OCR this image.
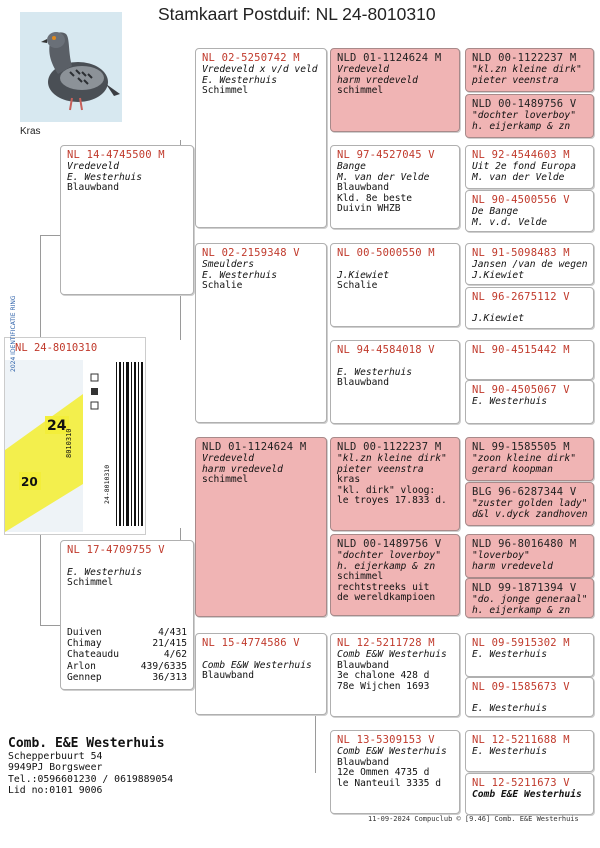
Stamkaart Postduif: NL 24-8010310
Kras
NL 24-8010310
24
20
2024 IDENTIFICATIE RING
8010310
24-8010310
NL 14-4745500 M
Vredeveld
E. Westerhuis
Blauwband
NL 17-4709755 V

E. Westerhuis
Schimmel
Duiven	4/ 431
Chimay	21/ 415
Chateaudu	4/ 62
Arlon	439/ 6335
Gennep	36/ 313
NL 02-5250742 M
Vredeveld x v/d veld
E. Westerhuis
Schimmel
NL 02-2159348 V
Smeulders
E. Westerhuis
Schalie
NLD 01-1124624 M
Vredeveld
harm vredeveld
schimmel
NL 15-4774586 V

Comb E&W Westerhuis
Blauwband
NLD 01-1124624 M
Vredeveld
harm vredeveld
schimmel
NL 97-4527045 V
Bange
M. van der Velde
Blauwband
Kld. 8e beste
Duivin WHZB
NL 00-5000550 M

J.Kiewiet
Schalie
NL 94-4584018 V

E. Westerhuis
Blauwband
NLD 00-1122237 M
"kl.zn kleine dirk"
pieter veenstra
kras
"kl. dirk" vloog:
le troyes 17.833 d.
NLD 00-1489756 V
"dochter loverboy"
h. eijerkamp & zn
schimmel
rechtstreeks uit
de wereldkampioen
NL 12-5211728 M
Comb E&W Westerhuis
Blauwband
3e chalone 428 d
78e Wijchen 1693
NL 13-5309153 V
Comb E&W Westerhuis
Blauwband
12e Ommen 4735 d
le Nanteuil 3335 d
NLD 00-1122237 M
"kl.zn kleine dirk"
pieter veenstra
NLD 00-1489756 V
"dochter loverboy"
h. eijerkamp & zn
NL 92-4544603 M
Uit 2e fond Europa
M. van der Velde
NL 90-4500556 V
De Bange
M. v.d. Velde
NL 91-5098483 M
Jansen /van de wegen
J.Kiewiet
NL 96-2675112 V
J.Kiewiet
NL 90-4515442 M
NL 90-4505067 V
E. Westerhuis
NL 99-1585505 M
"zoon kleine dirk"
gerard koopman
BLG 96-6287344 V
"zuster golden lady"
d&l v.dyck zandhoven
NLD 96-8016480 M
"loverboy"
harm vredeveld
NLD 99-1871394 V
"do. jonge generaal"
h. eijerkamp & zn
NL 09-5915302 M
E. Westerhuis
NL 09-1585673 V
E. Westerhuis
NL 12-5211688 M
E. Westerhuis
NL 12-5211673 V
Comb E&E Westerhuis
Comb. E&E Westerhuis
Schepperbuurt 54
9949PJ Borgsweer
Tel.:0596601230 / 0619889054
Lid no:0101 9006
11-09-2024 Compuclub © [9.46] Comb. E&E Westerhuis
